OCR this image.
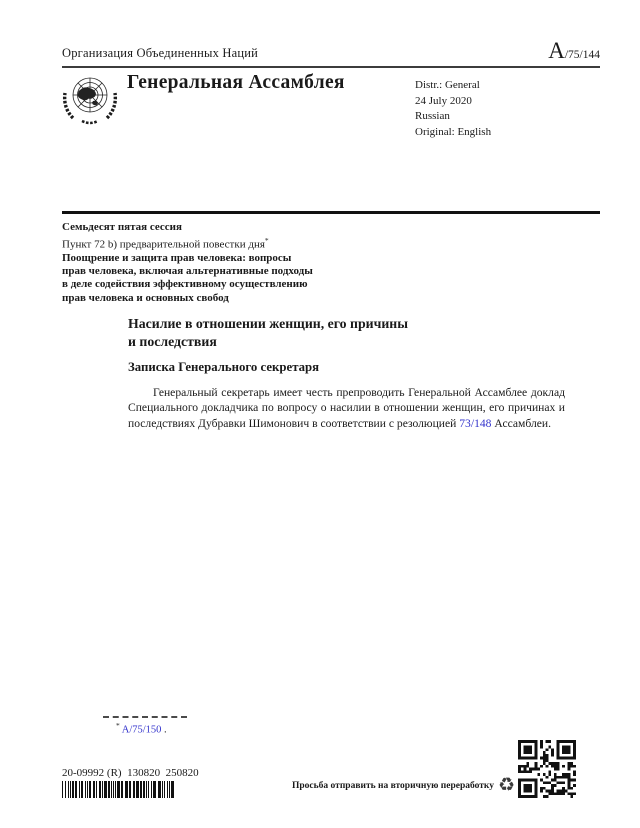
Организация Объединенных Наций	A/75/144
Генеральная Ассамблея	Distr.: General
24 July 2020
Russian
Original: English
Семьдесят пятая сессия
Пункт 72 b) предварительной повестки дня*
Поощрение и защита прав человека: вопросы
прав человека, включая альтернативные подходы
в деле содействия эффективному осуществлению
прав человека и основных свобод
Насилие в отношении женщин, его причины
и последствия
Записка Генерального секретаря

Генеральный секретарь имеет честь препроводить Генеральной Ассамблее доклад Специального докладчика по вопросу о насилии в отношении женщин, его причинах и последствиях Дубравки Шимонович в соответствии с резолюцией 73/148 Ассамблеи.

* A/75/150 .
20-09992 (R)  130820  250820
Просьба отправить на вторичную переработку ♻
